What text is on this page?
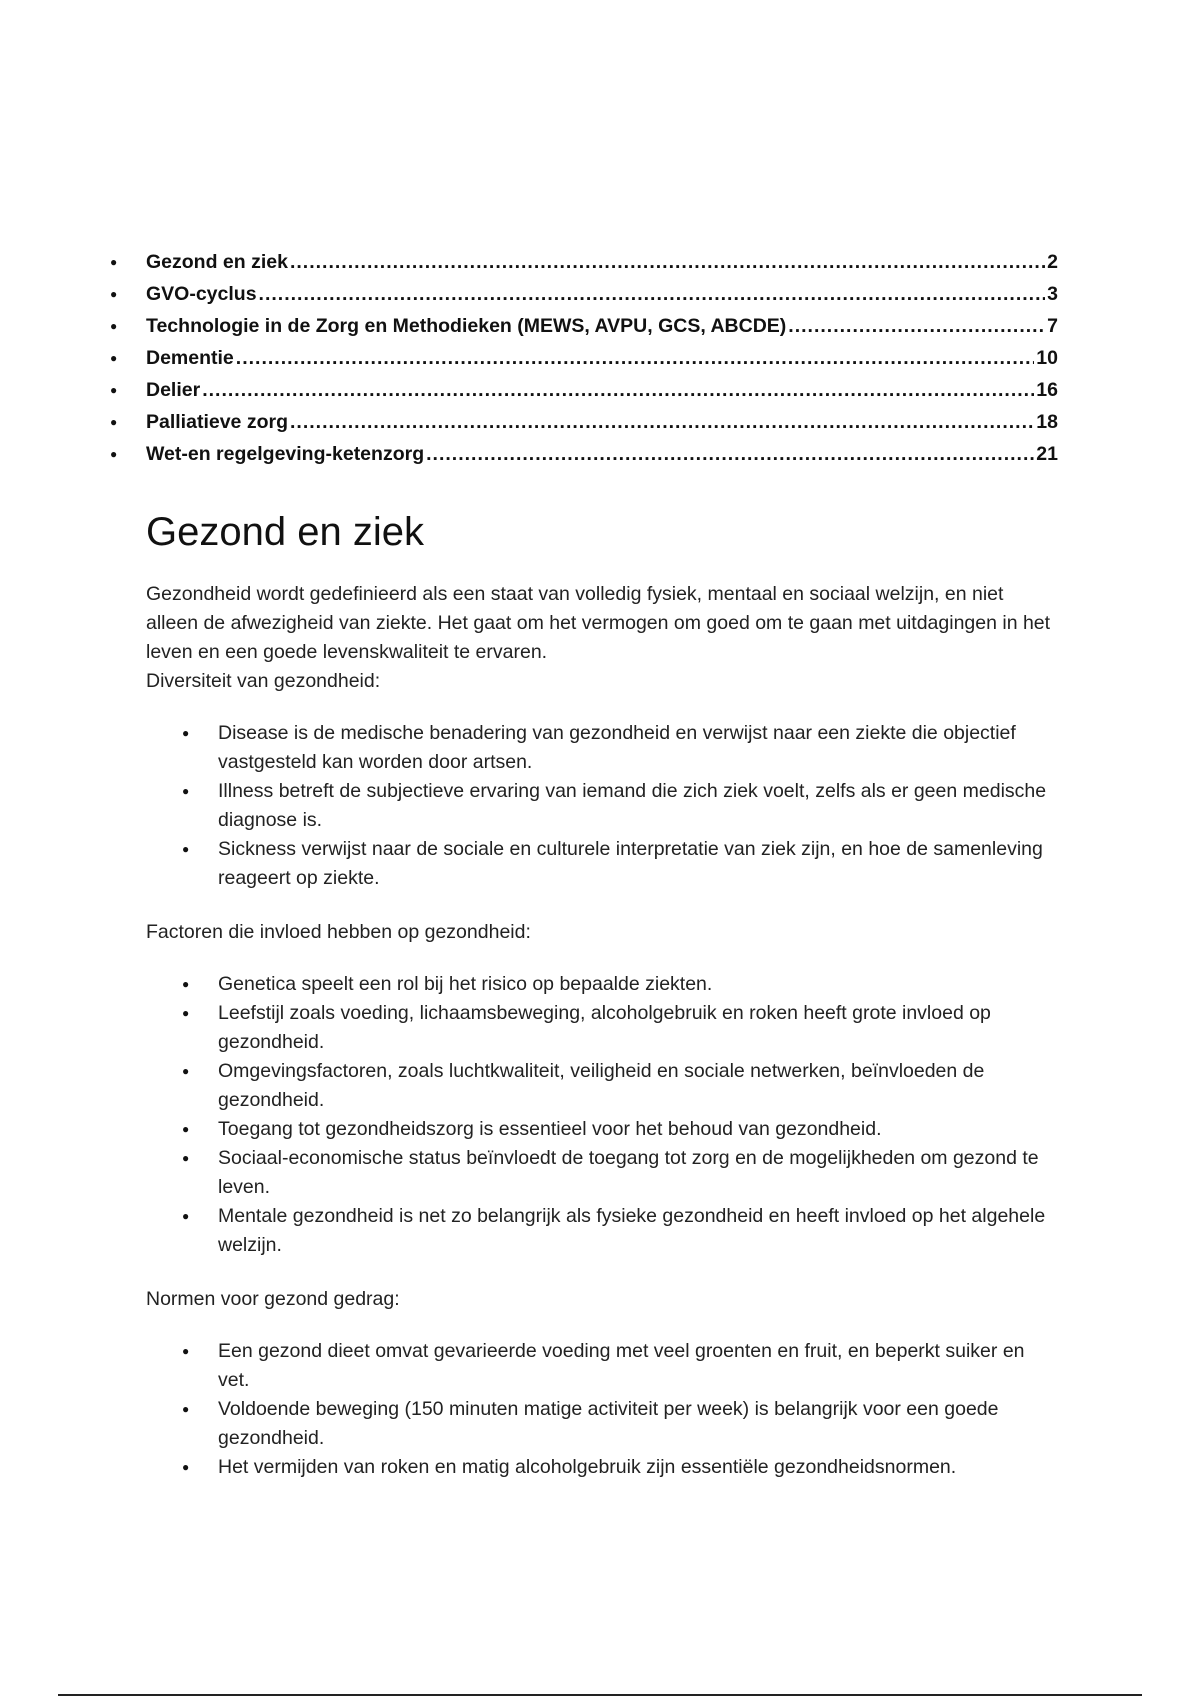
● Gezond en ziek .....	2
● GVO-cyclus .....	3
● Technologie in de Zorg en Methodieken (MEWS, AVPU, GCS, ABCDE) .....	7
● Dementie .....	10
● Delier .....	16
● Palliatieve zorg .....	18
● Wet-en regelgeving-ketenzorg .....	21
Gezond en ziek

Gezondheid wordt gedefinieerd als een staat van volledig fysiek, mentaal en sociaal welzijn, en niet alleen de afwezigheid van ziekte. Het gaat om het vermogen om goed om te gaan met uitdagingen in het leven en een goede levenskwaliteit te ervaren.

Diversiteit van gezondheid:

● Disease is de medische benadering van gezondheid en verwijst naar een ziekte die objectief vastgesteld kan worden door artsen.
● Illness betreft de subjectieve ervaring van iemand die zich ziek voelt, zelfs als er geen medische diagnose is.
● Sickness verwijst naar de sociale en culturele interpretatie van ziek zijn, en hoe de samenleving reageert op ziekte.

Factoren die invloed hebben op gezondheid:

● Genetica speelt een rol bij het risico op bepaalde ziekten.
● Leefstijl zoals voeding, lichaamsbeweging, alcoholgebruik en roken heeft grote invloed op gezondheid.
● Omgevingsfactoren, zoals luchtkwaliteit, veiligheid en sociale netwerken, beïnvloeden de gezondheid.
● Toegang tot gezondheidszorg is essentieel voor het behoud van gezondheid.
● Sociaal-economische status beïnvloedt de toegang tot zorg en de mogelijkheden om gezond te leven.
● Mentale gezondheid is net zo belangrijk als fysieke gezondheid en heeft invloed op het algehele welzijn.

Normen voor gezond gedrag:

● Een gezond dieet omvat gevarieerde voeding met veel groenten en fruit, en beperkt suiker en vet.
● Voldoende beweging (150 minuten matige activiteit per week) is belangrijk voor een goede gezondheid.
● Het vermijden van roken en matig alcoholgebruik zijn essentiële gezondheidsnormen.
